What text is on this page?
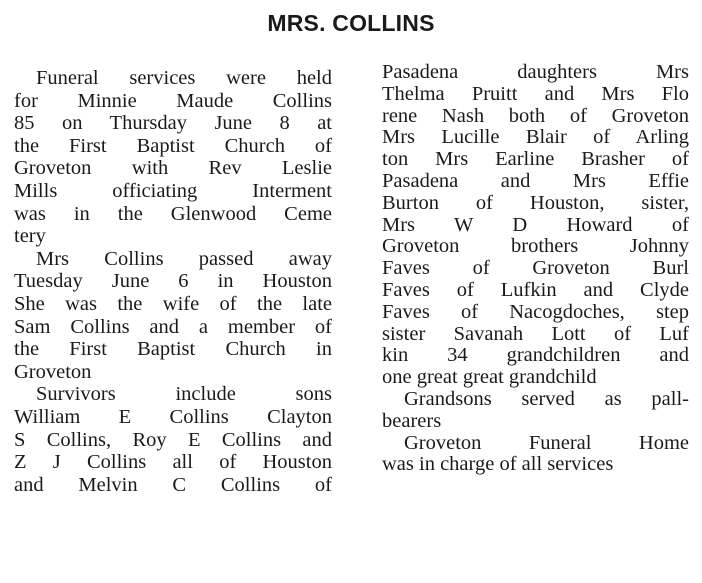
MRS. COLLINS
Funeral services were held
for Minnie Maude Collins
85 on Thursday June 8 at
the First Baptist Church of
Groveton with Rev Leslie
Mills officiating Interment
was in the Glenwood Ceme
tery
Mrs Collins passed away
Tuesday June 6 in Houston
She was the wife of the late
Sam Collins and a member of
the First Baptist Church in
Groveton
Survivors include sons
William E Collins Clayton
S Collins, Roy E Collins and
Z J Collins all of Houston
and Melvin C Collins of
Pasadena daughters Mrs
Thelma Pruitt and Mrs Flo
rene Nash both of Groveton
Mrs Lucille Blair of Arling
ton Mrs Earline Brasher of
Pasadena and Mrs Effie
Burton of Houston, sister,
Mrs W D Howard of
Groveton brothers Johnny
Faves of Groveton Burl
Faves of Lufkin and Clyde
Faves of Nacogdoches, step
sister Savanah Lott of Luf
kin 34 grandchildren and
one great great grandchild
Grandsons served as pall-
bearers
Groveton Funeral Home
was in charge of all services
